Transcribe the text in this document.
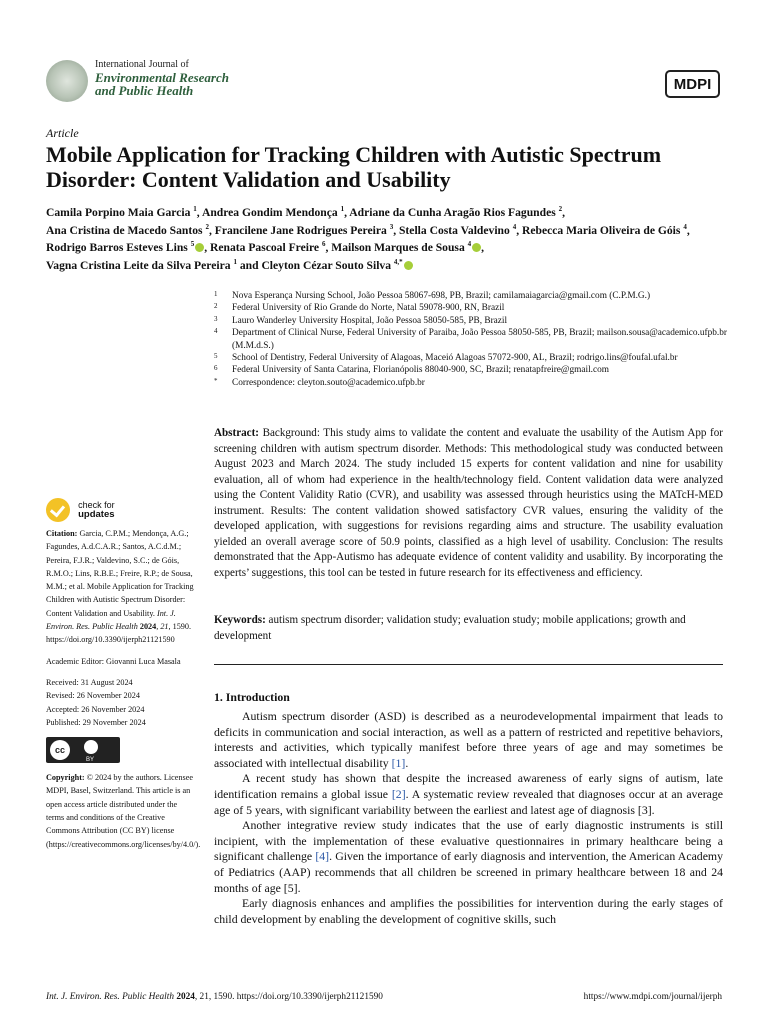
International Journal of
Environmental Research
and Public Health	MDPI
Article
Mobile Application for Tracking Children with Autistic Spectrum Disorder: Content Validation and Usability
Camila Porpino Maia Garcia $^1$, Andrea Gondim Mendonça $^1$, Adriane da Cunha Aragão Rios Fagundes $^2$,
Ana Cristina de Macedo Santos $^2$, Francilene Jane Rodrigues Pereira $^3$, Stella Costa Valdevino $^4$, Rebecca Maria Oliveira de Góis $^4$,
Rodrigo Barros Esteves Lins $^5$ , Renata Pascoal Freire $^6$, Mailson Marques de Sousa $^4$ ,
Vagna Cristina Leite da Silva Pereira $^1$ and Cleyton Cézar Souto Silva $^{4,*}$
1	Nova Esperança Nursing School, João Pessoa 58067-698, PB, Brazil; camilamaiagarcia@gmail.com (C.P.M.G.)
2	Federal University of Rio Grande do Norte, Natal 59078-900, RN, Brazil
3	Lauro Wanderley University Hospital, João Pessoa 58050-585, PB, Brazil
4	Department of Clinical Nurse, Federal University of Paraiba, João Pessoa 58050-585, PB, Brazil; mailson.sousa@academico.ufpb.br (M.M.d.S.)
5	School of Dentistry, Federal University of Alagoas, Maceió Alagoas 57072-900, AL, Brazil; rodrigo.lins@foufal.ufal.br
6	Federal University of Santa Catarina, Florianópolis 88040-900, SC, Brazil; renatapfreire@gmail.com
*	Correspondence: cleyton.souto@academico.ufpb.br
Abstract: Background: This study aims to validate the content and evaluate the usability of the Autism App for screening children with autism spectrum disorder. Methods: This methodological study was conducted between August 2023 and March 2024. The study included 15 experts for content validation and nine for usability evaluation, all of whom had experience in the health/technology field. Content validation data were analyzed using the Content Validity Ratio (CVR), and usability was assessed through heuristics using the MATcH-MED instrument. Results: The content validation showed satisfactory CVR values, ensuring the validity of the developed application, with suggestions for revisions regarding aims and structure. The usability evaluation yielded an overall average score of 50.9 points, classified as a high level of usability. Conclusion: The results demonstrated that the App-Autismo has adequate evidence of content validity and usability. By incorporating the experts’ suggestions, this tool can be tested in future research for its effectiveness and efficiency.
Keywords: autism spectrum disorder; validation study; evaluation study; mobile applications; growth and development
1. Introduction

Autism spectrum disorder (ASD) is described as a neurodevelopmental impairment that leads to deficits in communication and social interaction, as well as a pattern of restricted and repetitive behaviors, interests and activities, which typically manifest before three years of age and may sometimes be associated with intellectual disability [1].

A recent study has shown that despite the increased awareness of early signs of autism, late identification remains a global issue [2]. A systematic review revealed that diagnoses occur at an average age of 5 years, with significant variability between the earliest and latest age of diagnosis [3].

Another integrative review study indicates that the use of early diagnostic instruments is still incipient, with the implementation of these evaluative questionnaires in primary healthcare being a significant challenge [4]. Given the importance of early diagnosis and intervention, the American Academy of Pediatrics (AAP) recommends that all children be screened in primary healthcare between 18 and 24 months of age [5].

Early diagnosis enhances and amplifies the possibilities for intervention during the early stages of child development by enabling the development of cognitive skills, such

check for
updates
Citation: Garcia, C.P.M.; Mendonça, A.G.; Fagundes, A.d.C.A.R.; Santos, A.C.d.M.; Pereira, F.J.R.; Valdevino, S.C.; de Góis, R.M.O.; Lins, R.B.E.; Freire, R.P.; de Sousa, M.M.; et al. Mobile Application for Tracking Children with Autistic Spectrum Disorder: Content Validation and Usability. Int. J. Environ. Res. Public Health 2024, 21, 1590. https://doi.org/10.3390/ijerph21121590
Academic Editor: Giovanni Luca Masala
Received: 31 August 2024
Revised: 26 November 2024
Accepted: 26 November 2024
Published: 29 November 2024
cc
BY
Copyright: © 2024 by the authors. Licensee MDPI, Basel, Switzerland. This article is an open access article distributed under the terms and conditions of the Creative Commons Attribution (CC BY) license (https://creativecommons.org/licenses/by/4.0/).
Int. J. Environ. Res. Public Health 2024, 21, 1590. https://doi.org/10.3390/ijerph21121590	https://www.mdpi.com/journal/ijerph
